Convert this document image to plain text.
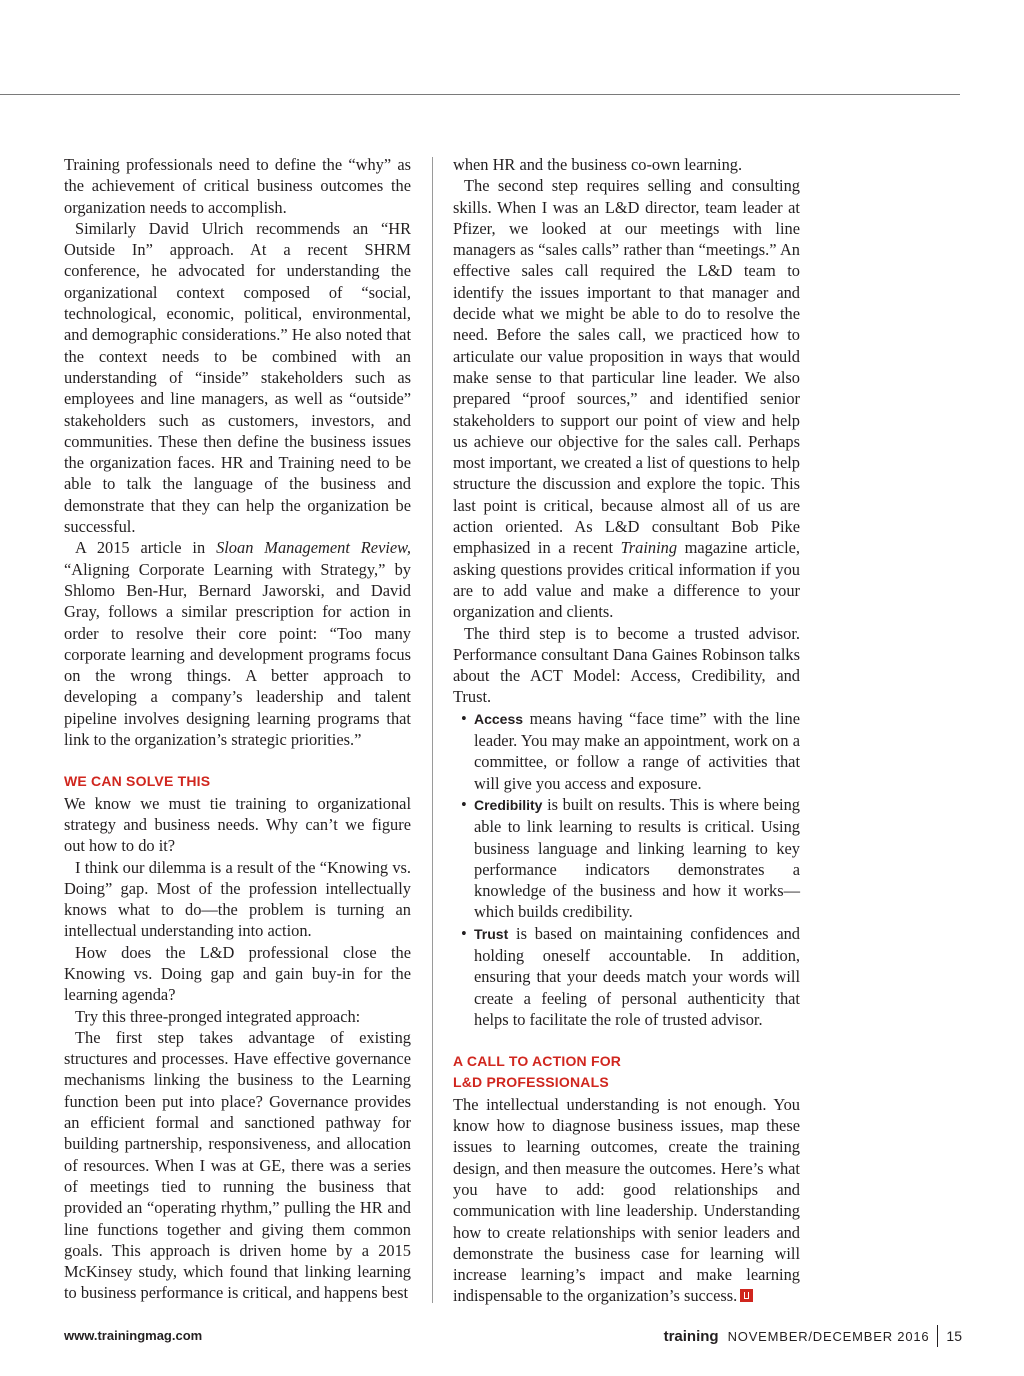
Training professionals need to define the “why” as the achievement of critical business outcomes the organization needs to accomplish.

Similarly David Ulrich recommends an “HR Outside In” approach. At a recent SHRM conference, he advocated for understanding the organizational context composed of “social, technological, economic, political, environmental, and demographic considerations.” He also noted that the context needs to be combined with an understanding of “inside” stakeholders such as employees and line managers, as well as “outside” stakeholders such as customers, investors, and communities. These then define the business issues the organization faces. HR and Training need to be able to talk the language of the business and demonstrate that they can help the organization be successful.

A 2015 article in Sloan Management Review, “Aligning Corporate Learning with Strategy,” by Shlomo Ben-Hur, Bernard Jaworski, and David Gray, follows a similar prescription for action in order to resolve their core point: “Too many corporate learning and development programs focus on the wrong things. A better approach to developing a company’s leadership and talent pipeline involves designing learning programs that link to the organization’s strategic priorities.”

WE CAN SOLVE THIS

We know we must tie training to organizational strategy and business needs. Why can’t we figure out how to do it?

I think our dilemma is a result of the “Knowing vs. Doing” gap. Most of the profession intellectually knows what to do—the problem is turning an intellectual understanding into action.

How does the L&D professional close the Knowing vs. Doing gap and gain buy-in for the learning agenda?

Try this three-pronged integrated approach:

The first step takes advantage of existing structures and processes. Have effective governance mechanisms linking the business to the Learning function been put into place? Governance provides an efficient formal and sanctioned pathway for building partnership, responsiveness, and allocation of resources. When I was at GE, there was a series of meetings tied to running the business that provided an “operating rhythm,” pulling the HR and line functions together and giving them common goals. This approach is driven home by a 2015 McKinsey study, which found that linking learning to business performance is critical, and happens best

when HR and the business co-own learning.

The second step requires selling and consulting skills. When I was an L&D director, team leader at Pfizer, we looked at our meetings with line managers as “sales calls” rather than “meetings.” An effective sales call required the L&D team to identify the issues important to that manager and decide what we might be able to do to resolve the need. Before the sales call, we practiced how to articulate our value proposition in ways that would make sense to that particular line leader. We also prepared “proof sources,” and identified senior stakeholders to support our point of view and help us achieve our objective for the sales call. Perhaps most important, we created a list of questions to help structure the discussion and explore the topic. This last point is critical, because almost all of us are action oriented. As L&D consultant Bob Pike emphasized in a recent Training magazine article, asking questions provides critical information if you are to add value and make a difference to your organization and clients.

The third step is to become a trusted advisor. Performance consultant Dana Gaines Robinson talks about the ACT Model: Access, Credibility, and Trust.

• Access means having “face time” with the line leader. You may make an appointment, work on a committee, or follow a range of activities that will give you access and exposure.
• Credibility is built on results. This is where being able to link learning to results is critical. Using business language and linking learning to key performance indicators demonstrates a knowledge of the business and how it works—which builds credibility.
• Trust is based on maintaining confidences and holding oneself accountable. In addition, ensuring that your deeds match your words will create a feeling of personal authenticity that helps to facilitate the role of trusted advisor.
A CALL TO ACTION FOR
L&D PROFESSIONALS

The intellectual understanding is not enough. You know how to diagnose business issues, map these issues to learning outcomes, create the training design, and then measure the outcomes. Here’s what you have to add: good relationships and communication with line leadership. Understanding how to create relationships with senior leaders and demonstrate the business case for learning will increase learning’s impact and make learning indispensable to the organization’s success.

www.trainingmag.com	training NOVEMBER/DECEMBER 2016 15
